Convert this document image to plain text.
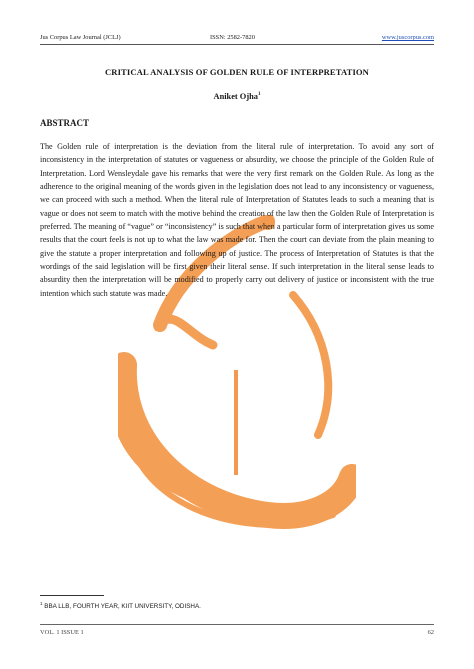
Jus Corpus Law Journal (JCLJ)	ISSN: 2582-7820	www.juscorpus.com
CRITICAL ANALYSIS OF GOLDEN RULE OF INTERPRETATION
Aniket Ojha$^1$
ABSTRACT
The Golden rule of interpretation is the deviation from the literal rule of interpretation. To avoid any sort of inconsistency in the interpretation of statutes or vagueness or absurdity, we choose the principle of the Golden Rule of Interpretation. Lord Wensleydale gave his remarks that were the very first remark on the Golden Rule. As long as the adherence to the original meaning of the words given in the legislation does not lead to any inconsistency or vagueness, we can proceed with such a method. When the literal rule of Interpretation of Statutes leads to such a meaning that is vague or does not seem to match with the motive behind the creation of the law then the Golden Rule of Interpretation is preferred. The meaning of “vague” or “inconsistency” is such that when a particular form of interpretation gives us some results that the court feels is not up to what the law was made for. Then the court can deviate from the plain meaning to give the statute a proper interpretation and following up of justice. The process of Interpretation of Statutes is that the wordings of the said legislation will be first given their literal sense. If such interpretation in the literal sense leads to absurdity then the interpretation will be modified to properly carry out delivery of justice or inconsistent with the true intention which such statute was made.
$^1$ BBA LLB, FOURTH YEAR, KIIT UNIVERSITY, ODISHA.
VOL. 1 ISSUE 1	62
